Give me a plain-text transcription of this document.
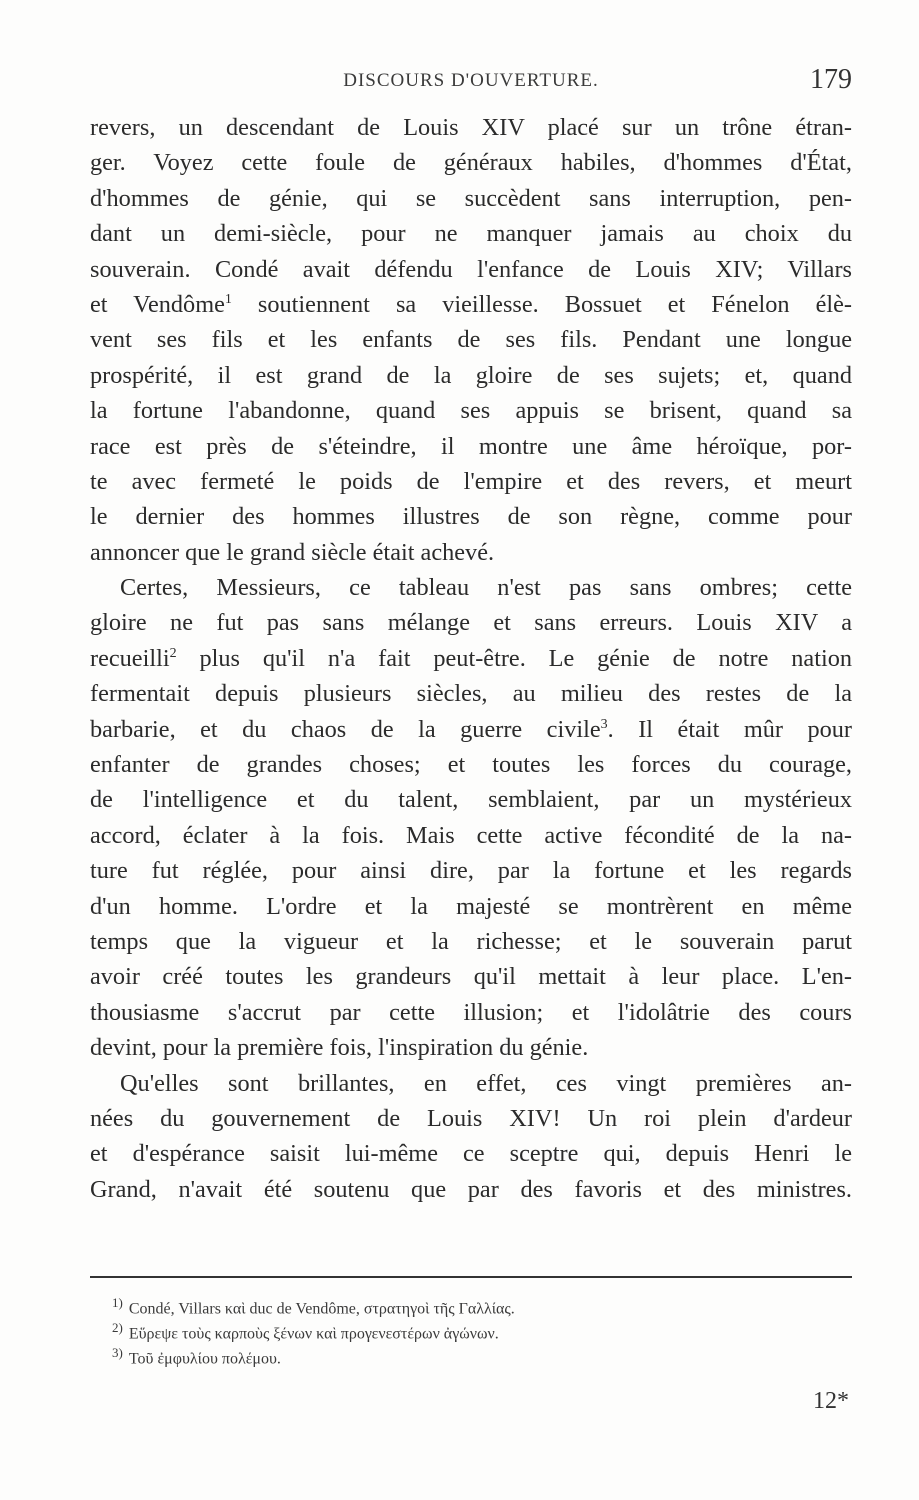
DISCOURS D'OUVERTURE.	179
revers, un descendant de Louis XIV placé sur un trône étran-
ger. Voyez cette foule de généraux habiles, d'hommes d'État,
d'hommes de génie, qui se succèdent sans interruption, pen-
dant un demi-siècle, pour ne manquer jamais au choix du
souverain. Condé avait défendu l'enfance de Louis XIV; Villars
et Vendôme$^1$ soutiennent sa vieillesse. Bossuet et Fénelon élè-
vent ses fils et les enfants de ses fils. Pendant une longue
prospérité, il est grand de la gloire de ses sujets; et, quand
la fortune l'abandonne, quand ses appuis se brisent, quand sa
race est près de s'éteindre, il montre une âme héroïque, por-
te avec fermeté le poids de l'empire et des revers, et meurt
le dernier des hommes illustres de son règne, comme pour
annoncer que le grand siècle était achevé.
Certes, Messieurs, ce tableau n'est pas sans ombres; cette
gloire ne fut pas sans mélange et sans erreurs. Louis XIV a
recueilli$^2$ plus qu'il n'a fait peut-être. Le génie de notre nation
fermentait depuis plusieurs siècles, au milieu des restes de la
barbarie, et du chaos de la guerre civile$^3$. Il était mûr pour
enfanter de grandes choses; et toutes les forces du courage,
de l'intelligence et du talent, semblaient, par un mystérieux
accord, éclater à la fois. Mais cette active fécondité de la na-
ture fut réglée, pour ainsi dire, par la fortune et les regards
d'un homme. L'ordre et la majesté se montrèrent en même
temps que la vigueur et la richesse; et le souverain parut
avoir créé toutes les grandeurs qu'il mettait à leur place. L'en-
thousiasme s'accrut par cette illusion; et l'idolâtrie des cours
devint, pour la première fois, l'inspiration du génie.
Qu'elles sont brillantes, en effet, ces vingt premières an-
nées du gouvernement de Louis XIV! Un roi plein d'ardeur
et d'espérance saisit lui-même ce sceptre qui, depuis Henri le
Grand, n'avait été soutenu que par des favoris et des ministres.
$^{1)}$ Condé, Villars καὶ duc de Vendôme, στρατηγοὶ τῆς Γαλλίας.
$^{2)}$ Εὕρεψε τοὺς καρποὺς ξένων καὶ προγενεστέρων ἀγώνων.
$^{3)}$ Τοῦ ἐμφυλίου πολέμου.
12*
